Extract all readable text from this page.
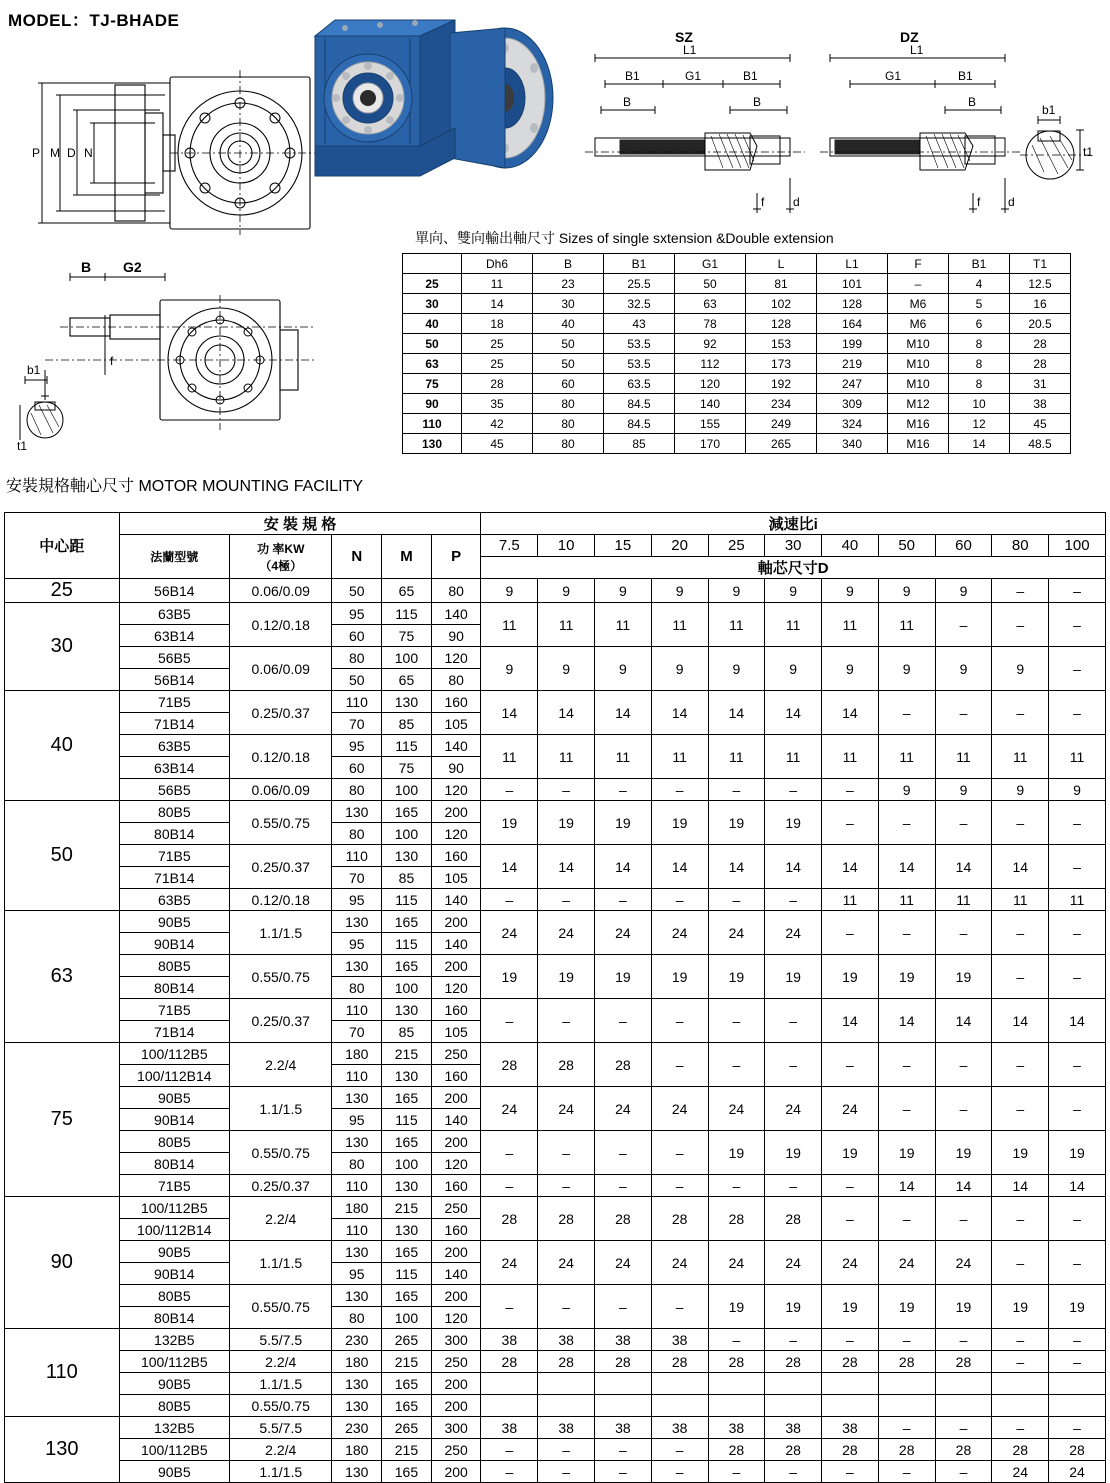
MODEL：TJ-BHADE
P M D N
SZ
L1
B1	G1	B1
B	B
f d
DZ
L1
G1	B1
B
f d
b1
t1
B G2
f
b1
t1
單向、雙向輸出軸尺寸 Sizes of single sxtension &Double extension
	Dh6	B	B1	G1	L	L1	F	B1	T1
25	11	23	25.5	50	81	101	–	4	12.5
30	14	30	32.5	63	102	128	M6	5	16
40	18	40	43	78	128	164	M6	6	20.5
50	25	50	53.5	92	153	199	M10	8	28
63	25	50	53.5	112	173	219	M10	8	28
75	28	60	63.5	120	192	247	M10	8	31
90	35	80	84.5	140	234	309	M12	10	38
110	42	80	84.5	155	249	324	M16	12	45
130	45	80	85	170	265	340	M16	14	48.5
安裝規格軸心尺寸 MOTOR MOUNTING FACILITY
中心距	安 裝 規 格					減速比i										
	法蘭型號	功 率KW
（4極）	N	M	P	7.5	10	15	20	25	30	40	50	60	80	100
						軸芯尺寸D										
25	56B14	0.06/0.09	50	65	80	9	9	9	9	9	9	9	9	9	–	–
30	63B5	0.12/0.18	95	115	140	11	11	11	11	11	11	11	11	–	–	–
	63B14		60	75	90											
	56B5	0.06/0.09	80	100	120	9	9	9	9	9	9	9	9	9	9	–
	56B14		50	65	80											
40	71B5	0.25/0.37	110	130	160	14	14	14	14	14	14	14	–	–	–	–
	71B14		70	85	105											
	63B5	0.12/0.18	95	115	140	11	11	11	11	11	11	11	11	11	11	11
	63B14		60	75	90											
	56B5	0.06/0.09	80	100	120	–	–	–	–	–	–	–	9	9	9	9
50	80B5	0.55/0.75	130	165	200	19	19	19	19	19	19	–	–	–	–	–
	80B14		80	100	120											
	71B5	0.25/0.37	110	130	160	14	14	14	14	14	14	14	14	14	14	–
	71B14		70	85	105											
	63B5	0.12/0.18	95	115	140	–	–	–	–	–	–	11	11	11	11	11
63	90B5	1.1/1.5	130	165	200	24	24	24	24	24	24	–	–	–	–	–
	90B14		95	115	140											
	80B5	0.55/0.75	130	165	200	19	19	19	19	19	19	19	19	19	–	–
	80B14		80	100	120											
	71B5	0.25/0.37	110	130	160	–	–	–	–	–	–	14	14	14	14	14
	71B14		70	85	105											
75	100/112B5	2.2/4	180	215	250	28	28	28	–	–	–	–	–	–	–	–
	100/112B14		110	130	160											
	90B5	1.1/1.5	130	165	200	24	24	24	24	24	24	24	–	–	–	–
	90B14		95	115	140											
	80B5	0.55/0.75	130	165	200	–	–	–	–	19	19	19	19	19	19	19
	80B14		80	100	120											
	71B5	0.25/0.37	110	130	160	–	–	–	–	–	–	–	14	14	14	14
90	100/112B5	2.2/4	180	215	250	28	28	28	28	28	28	–	–	–	–	–
	100/112B14		110	130	160											
	90B5	1.1/1.5	130	165	200	24	24	24	24	24	24	24	24	24	–	–
	90B14		95	115	140											
	80B5	0.55/0.75	130	165	200	–	–	–	–	19	19	19	19	19	19	19
	80B14		80	100	120											
110	132B5	5.5/7.5	230	265	300	38	38	38	38	–	–	–	–	–	–	–
	100/112B5	2.2/4	180	215	250	28	28	28	28	28	28	28	28	28	–	–
	90B5	1.1/1.5	130	165	200											
	80B5	0.55/0.75	130	165	200											
130	132B5	5.5/7.5	230	265	300	38	38	38	38	38	38	38	–	–	–	–
	100/112B5	2.2/4	180	215	250	–	–	–	–	28	28	28	28	28	28	28
	90B5	1.1/1.5	130	165	200	–	–	–	–	–	–	–	–	–	24	24
